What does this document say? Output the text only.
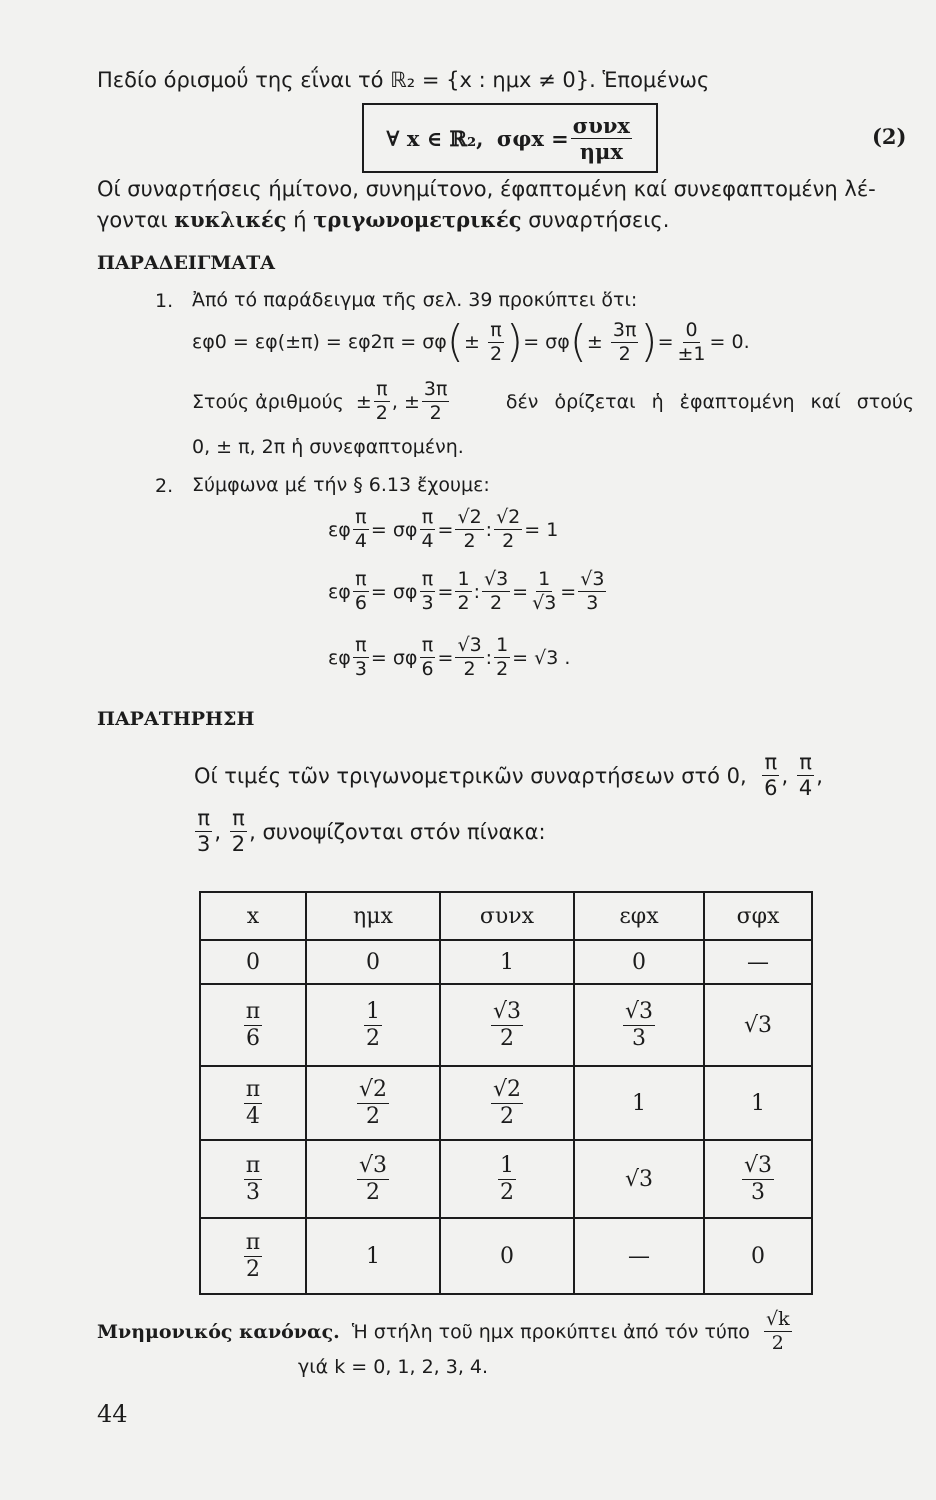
Πεδίο όρισμοΰ της εΐναι τό ℝ₂ = {x : ημx ≠ 0}. Ἑπομένως
∀ x ∈ ℝ₂,
$\sigma\varphi x = \frac{\text{συνx}}{\text{ημx}}$	(2)
Οί συναρτήσεις ήμίτονο, συνημίτονο, έφαπτομένη καί συνεφαπτομένη λέ-
γονται κυκλικές ή τριγωνομετρικές συναρτήσεις.
ΠΑΡΑΔΕΙΓΜΑΤΑ
1. Ἀπό τό παράδειγμα τῆς σελ. 39 προκύπτει ὅτι:
εφ0 = εφ(±π) = εφ2π = σφ ( ±
$\frac{\pi}{2}$ ) = σφ ( ±
$\frac{3\pi}{2}$ ) = $\frac{0}{\pm 1} = 0$.
Στούς ἀριθμούς
± $\frac{\pi}{2}$ , ± $\frac{3\pi}{2}$	δέν ὁρίζεται ἡ ἐφαπτομένη καί στούς
0, ± π, 2π ἡ συνεφαπτομένη.
2. Σύμφωνα μέ τήν § 6.13 ἔχουμε:
εφ $\frac{\pi}{4} = \sigma\varphi \frac{\pi}{4} = \frac{√2}{2}$ : $\frac{√2}{2} = 1$
εφ $\frac{\pi}{6} = \sigma\varphi \frac{\pi}{3} = \frac{1}{2}$ : $\frac{√3}{2} = \frac{1}{√3} = \frac{√3}{3}$
εφ $\frac{\pi}{3} = \sigma\varphi \frac{\pi}{6} = \frac{√3}{2}$ : $\frac{1}{2} = √3$ .
ΠΑΡΑΤΗΡΗΣΗ
Οί τιμές τῶν τριγωνομετρικῶν συναρτήσεων στό 0,
$\frac{\pi}{6}$ ,
$\frac{\pi}{4}$ ,
$\frac{\pi}{3}$ ,
$\frac{\pi}{2}$ ,
συνοψίζονται στόν πίνακα:
x	ημx	συνx	εφx	σφx
0	0	1	0	—

$\frac{\pi}{6}$	$\frac{1}{2}$	$\frac{√3}{2}$	$\frac{√3}{3}$	√3

$\frac{\pi}{4}$	$\frac{√2}{2}$	$\frac{√2}{2}$	1	1

$\frac{\pi}{3}$	$\frac{√3}{2}$	$\frac{1}{2}$	√3	$\frac{√3}{3}$

$\frac{\pi}{2}$	1	0	—	0
Μνημονικός κανόνας.
Ἡ στήλη τοῦ ημx προκύπτει ἀπό τόν τύπο
$\frac{√k}{2}$
γιά k = 0, 1, 2, 3, 4.
44
